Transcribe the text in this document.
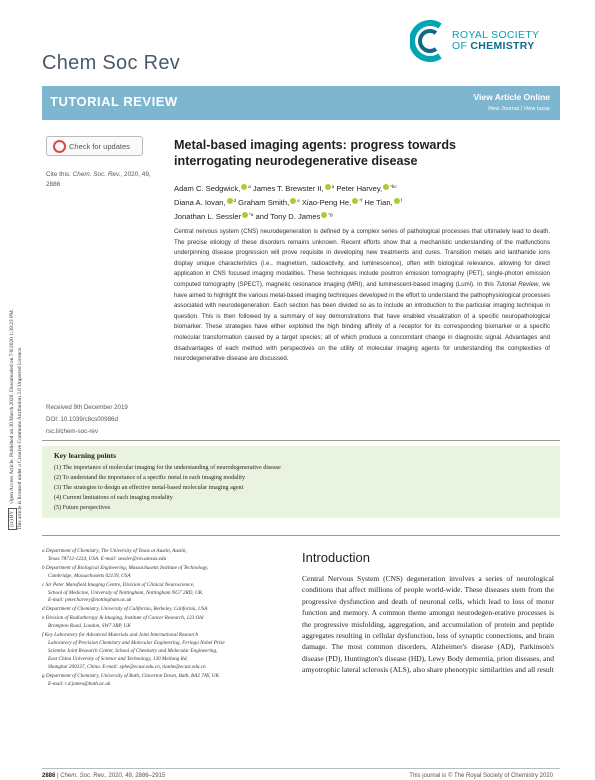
(cc) BY Open Access Article. Published on 30 March 2020. Downloaded on 7/8/2020 1:39:23 PM. This article is licensed under a Creative Commons Attribution 3.0 Unported Licence.
Chem Soc Rev
ROYAL SOCIETY
OF CHEMISTRY
TUTORIAL REVIEW	View Article Online
View Journal | View Issue
Check for updates
Cite this: Chem. Soc. Rev., 2020, 49, 2886
Received 9th December 2019
DOI: 10.1039/c8cs00986d
rsc.li/chem-soc-rev
Metal-based imaging agents: progress towards
interrogating neurodegenerative disease
Adam C. Sedgwick, $^a$ James T. Brewster II, $^a$ Peter Harvey, $^{*bc}$
Diana A. Iovan, $^d$ Graham Smith, $^e$ Xiao-Peng He, $^{*f}$ He Tian, $^f$
Jonathan L. Sessler $^{*a}$ and Tony D. James $^{*g}$
Central nervous system (CNS) neurodegeneration is defined by a complex series of pathological processes that ultimately lead to death. The precise etiology of these disorders remains unknown. Recent efforts show that a mechanistic understanding of the malfunctions underpinning disease progression will prove requisite in developing new treatments and cures. Transition metals and lanthanide ions display unique characteristics (i.e., magnetism, radioactivity, and luminescence), often with biological relevance, allowing for direct application in CNS focused imaging modalities. These techniques include positron emission tomography (PET), single-photon emission computed tomography (SPECT), magnetic resonance imaging (MRI), and luminescent-based imaging (Lumi). In this Tutorial Review, we have aimed to highlight the various metal-based imaging techniques developed in the effort to understand the pathophysiological processes associated with neurodegeneration. Each section has been divided so as to include an introduction to the particular imaging technique in question. This is then followed by a summary of key demonstrations that have enabled visualization of a specific neuropathological biomarker. These strategies have either exploited the high binding affinity of a receptor for its corresponding biomarker or a specific molecular transformation caused by a target species; all of which produce a concomitant change in diagnostic signal. Advantages and disadvantages of each method with perspectives on the utility of molecular imaging agents for understanding the complexities of neurodegenerative disease are discussed.
Key learning points
(1) The importance of molecular imaging for the understanding of neurodegenerative disease
(2) To understand the importance of a specific metal in each imaging modality
(3) The strategies to design an effective metal-based molecular imaging agent
(4) Current limitations of each imaging modality
(5) Future perspectives
a Department of Chemistry, The University of Texas at Austin, Austin,
Texas 78712-1224, USA. E-mail: sessler@cm.utexas.edu
b Department of Biological Engineering, Massachusetts Institute of Technology,
Cambridge, Massachusetts 02139, USA
c Sir Peter Mansfield Imaging Centre, Division of Clinical Neuroscience,
School of Medicine, University of Nottingham, Nottingham NG7 2RD, UK.
E-mail: peter.harvey@nottingham.ac.uk
d Department of Chemistry, University of California, Berkeley, California, USA
e Division of Radiotherapy & Imaging, Institute of Cancer Research, 123 Old
Brompton Road, London, SW7 3RP, UK
f Key Laboratory for Advanced Materials and Joint International Research
Laboratory of Precision Chemistry and Molecular Engineering, Feringa Nobel Prize
Scientist Joint Research Center, School of Chemistry and Molecular Engineering,
East China University of Science and Technology, 130 Meilong Rd,
Shanghai 200237, China. E-mail: xphe@ecust.edu.cn, tianhe@ecust.edu.cn
g Department of Chemistry, University of Bath, Claverton Down, Bath, BA2 7AY, UK.
E-mail: t.d.james@bath.ac.uk
Introduction
Central Nervous System (CNS) degeneration involves a series of neurological conditions that affect millions of people world-wide. These diseases stem from the progressive dysfunction and death of neuronal cells, which lead to loss of motor function and memory. A common theme amongst neurodegen-erative processes is the progressive misfolding, aggregation, and accumulation of protein and peptide aggregates resulting in cellular dysfunction, loss of synaptic connections, and brain damage. The most common disorders, Alzheimer's disease (AD), Parkinson's disease (PD), Huntington's disease (HD), Lewy Body dementia, prion diseases, and amyotrophic lateral sclerosis (ALS), also share phenotypic similarities and all result
2886 | Chem. Soc. Rev., 2020, 49, 2886–2915	This journal is © The Royal Society of Chemistry 2020
